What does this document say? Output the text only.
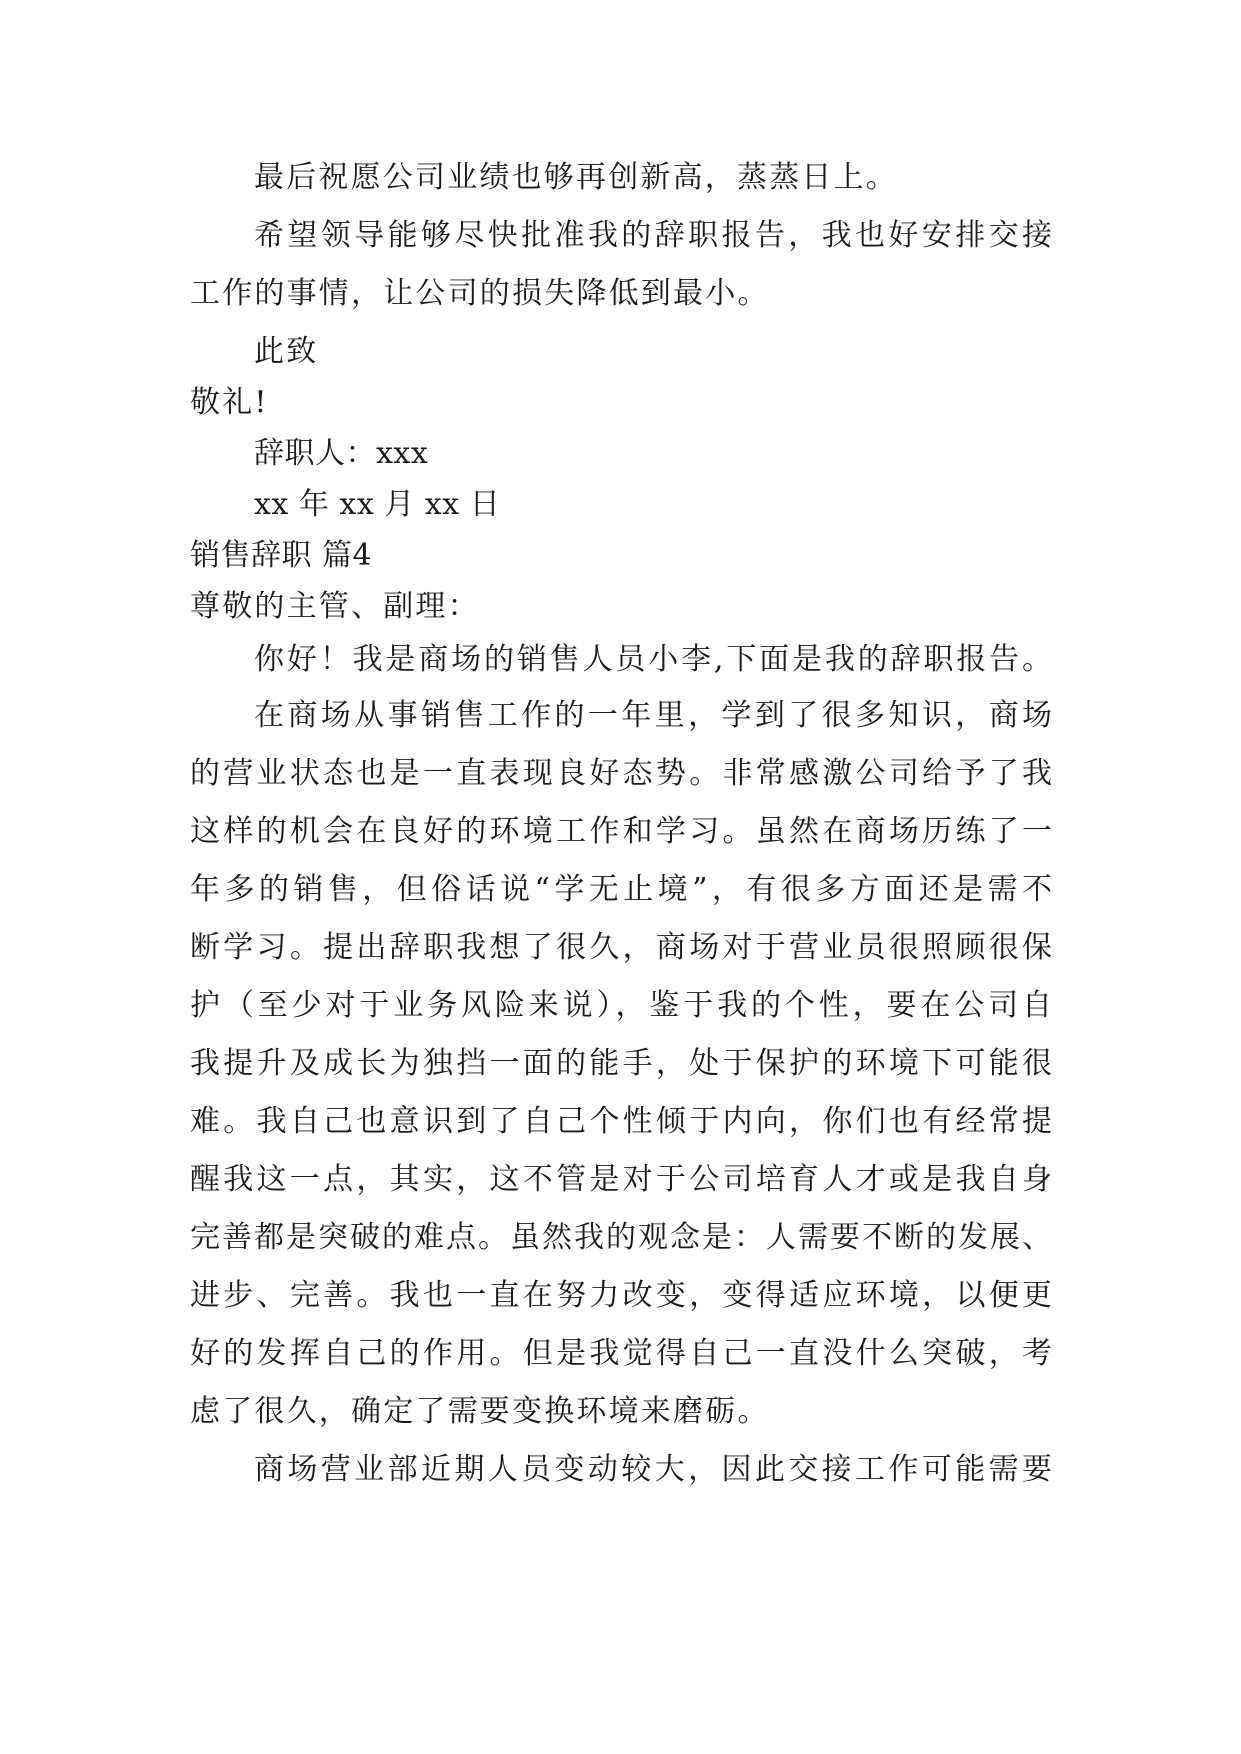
最后祝愿公司业绩也够再创新高，蒸蒸日上。
希望领导能够尽快批准我的辞职报告，我也好安排交接
工作的事情，让公司的损失降低到最小。
此致
敬礼!
辞职人：xxx
xx 年 xx 月 xx 日
销售辞职 篇4
尊敬的主管、副理：
你好！我是商场的销售人员小李,下面是我的辞职报告。
在商场从事销售工作的一年里，学到了很多知识，商场
的营业状态也是一直表现良好态势。非常感激公司给予了我
这样的机会在良好的环境工作和学习。虽然在商场历练了一
年多的销售，但俗话说“学无止境”，有很多方面还是需不
断学习。提出辞职我想了很久，商场对于营业员很照顾很保
护（至少对于业务风险来说），鉴于我的个性，要在公司自
我提升及成长为独挡一面的能手，处于保护的环境下可能很
难。我自己也意识到了自己个性倾于内向，你们也有经常提
醒我这一点，其实，这不管是对于公司培育人才或是我自身
完善都是突破的难点。虽然我的观念是：人需要不断的发展、
进步、完善。我也一直在努力改变，变得适应环境，以便更
好的发挥自己的作用。但是我觉得自己一直没什么突破，考
虑了很久，确定了需要变换环境来磨砺。
商场营业部近期人员变动较大，因此交接工作可能需要
